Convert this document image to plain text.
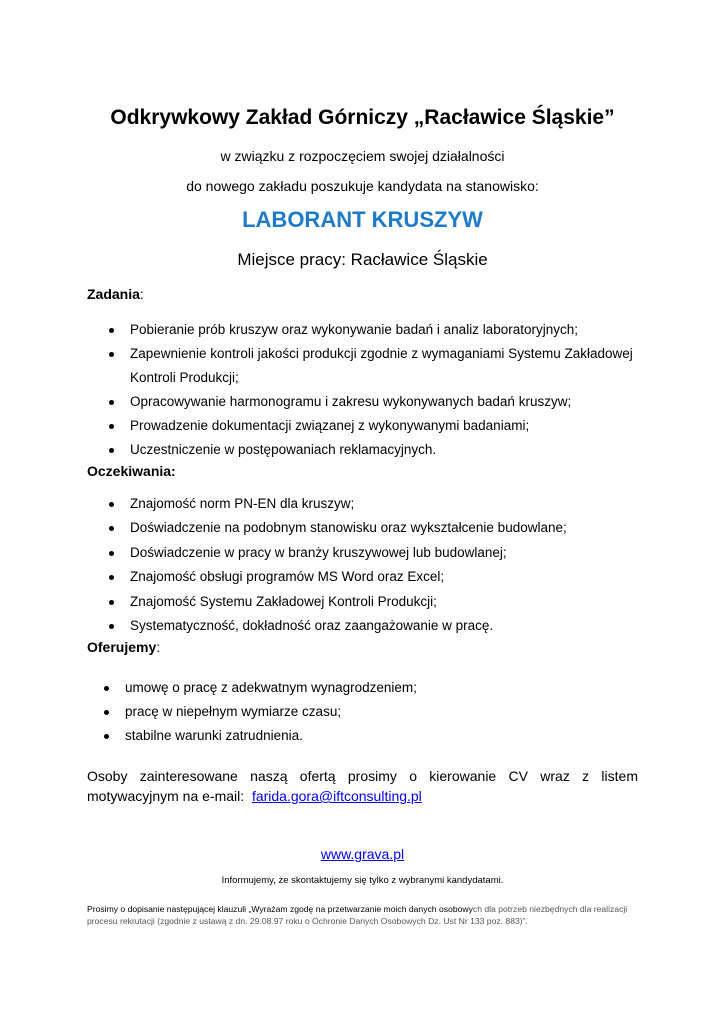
Odkrywkowy Zakład Górniczy „Racławice Śląskie”

w związku z rozpoczęciem swojej działalności

do nowego zakładu poszukuje kandydata na stanowisko:

LABORANT KRUSZYW

Miejsce pracy: Racławice Śląskie

Zadania:

Pobieranie prób kruszyw oraz wykonywanie badań i analiz laboratoryjnych;
Zapewnienie kontroli jakości produkcji zgodnie z wymaganiami Systemu Zakładowej
Kontroli Produkcji;
Opracowywanie harmonogramu i zakresu wykonywanych badań kruszyw;
Prowadzenie dokumentacji związanej z wykonywanymi badaniami;
Uczestniczenie w postępowaniach reklamacyjnych.

Oczekiwania:

Znajomość norm PN-EN dla kruszyw;
Doświadczenie na podobnym stanowisku oraz wykształcenie budowlane;
Doświadczenie w pracy w branży kruszywowej lub budowlanej;
Znajomość obsługi programów MS Word oraz Excel;
Znajomość Systemu Zakładowej Kontroli Produkcji;
Systematyczność, dokładność oraz zaangażowanie w pracę.

Oferujemy:

umowę o pracę z adekwatnym wynagrodzeniem;
pracę w niepełnym wymiarze czasu;
stabilne warunki zatrudnienia.

Osoby zainteresowane naszą ofertą prosimy o kierowanie CV wraz z listem motywacyjnym na e-mail: farida.gora@iftconsulting.pl

www.grava.pl

Informujemy, że skontaktujemy się tylko z wybranymi kandydatami.

Prosimy o dopisanie następującej klauzuli „Wyrażam zgodę na przetwarzanie moich danych osobowych dla potrzeb niezbędnych dla realizacji procesu rekrutacji (zgodnie z ustawą z dn. 29.08.97 roku o Ochronie Danych Osobowych Dz. Ust Nr 133 poz. 883)”.
